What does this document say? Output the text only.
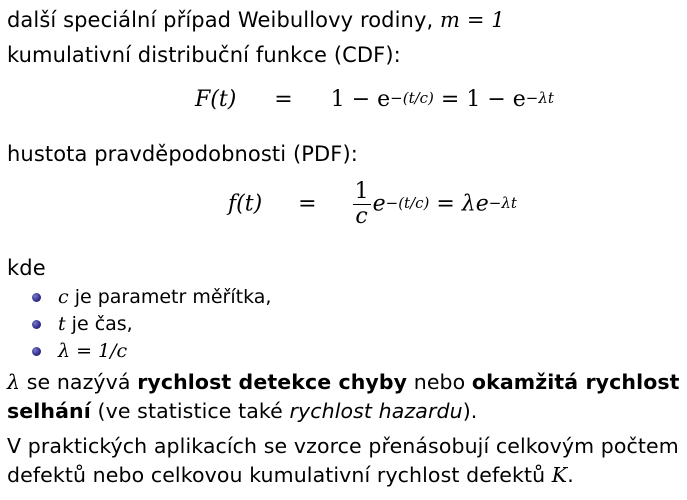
další speciální případ Weibullovy rodiny, m = 1
kumulativní distribuční funkce (CDF):
$F(t) = 1 - e^{-(t/c)} = 1 - e^{-\lambda t}$
hustota pravděpodobnosti (PDF):
$f(t) = \frac{1}{c} e^{-(t/c)} = \lambda e^{-\lambda t}$
kde
c je parametr měřítka,
t je čas,
λ = 1/c
λ se nazývá rychlost detekce chyby nebo okamžitá rychlost
selhání (ve statistice také rychlost hazardu).
V praktických aplikacích se vzorce přenásobují celkovým počtem
defektů nebo celkovou kumulativní rychlost defektů K.
